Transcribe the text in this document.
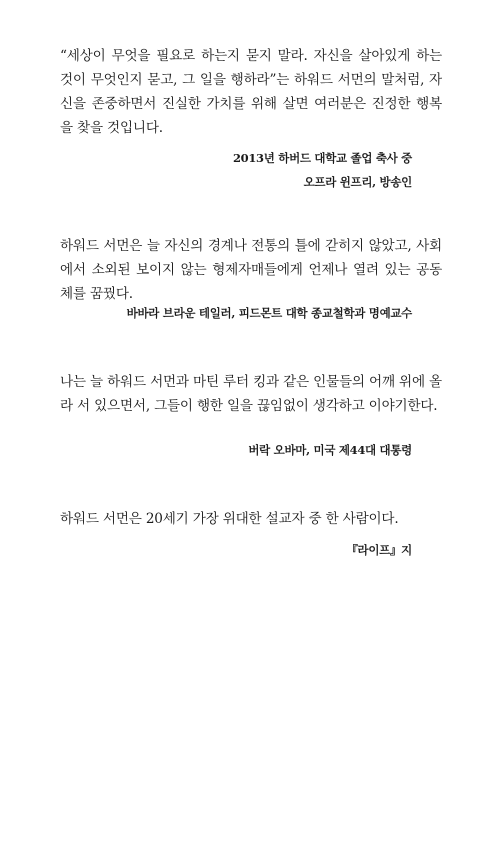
“세상이 무엇을 필요로 하는지 묻지 말라. 자신을 살아있게 하는 것이 무엇인지 묻고, 그 일을 행하라”는 하워드 서먼의 말처럼, 자신을 존중하면서 진실한 가치를 위해 살면 여러분은 진정한 행복을 찾을 것입니다.

2013년 하버드 대학교 졸업 축사 중

오프라 윈프리, 방송인

하워드 서먼은 늘 자신의 경계나 전통의 틀에 갇히지 않았고, 사회에서 소외된 보이지 않는 형제자매들에게 언제나 열려 있는 공동체를 꿈꿨다.

바바라 브라운 테일러, 피드몬트 대학 종교철학과 명예교수

나는 늘 하워드 서먼과 마틴 루터 킹과 같은 인물들의 어깨 위에 올라 서 있으면서, 그들이 행한 일을 끊임없이 생각하고 이야기한다.

버락 오바마, 미국 제44대 대통령

하워드 서먼은 20세기 가장 위대한 설교자 중 한 사람이다.

『라이프』지
